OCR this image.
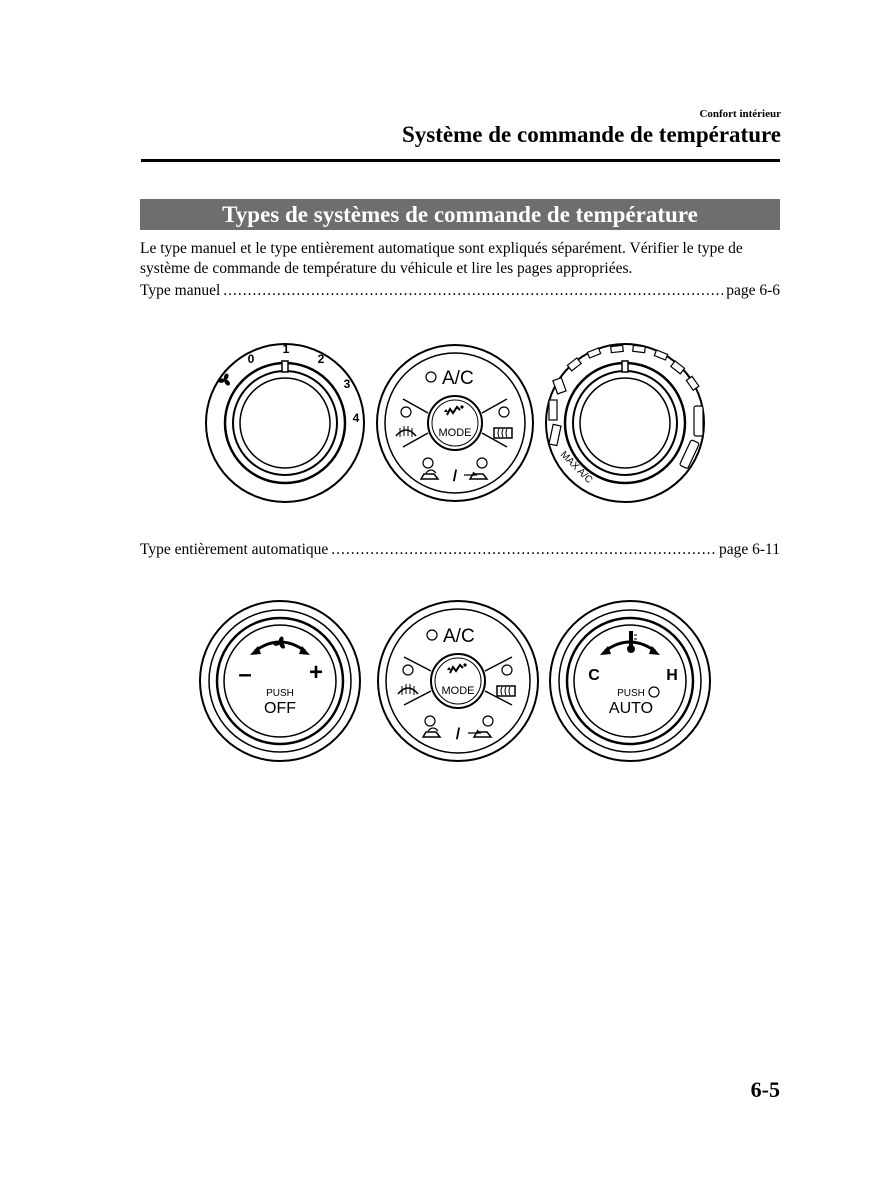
Confort intérieur
Système de commande de température
Types de systèmes de commande de température

Le type manuel et le type entièrement automatique sont expliqués séparément. Vérifier le type de système de commande de température du véhicule et lire les pages appropriées.

Type manuel .....	page 6-6
0
1
2
3
4
A/C
MODE
/	MAX A/C
Type entièrement automatique .....	page 6-11
– +
PUSH
OFF
A/C
MODE
/
C	H
PUSH
AUTO
6-5
